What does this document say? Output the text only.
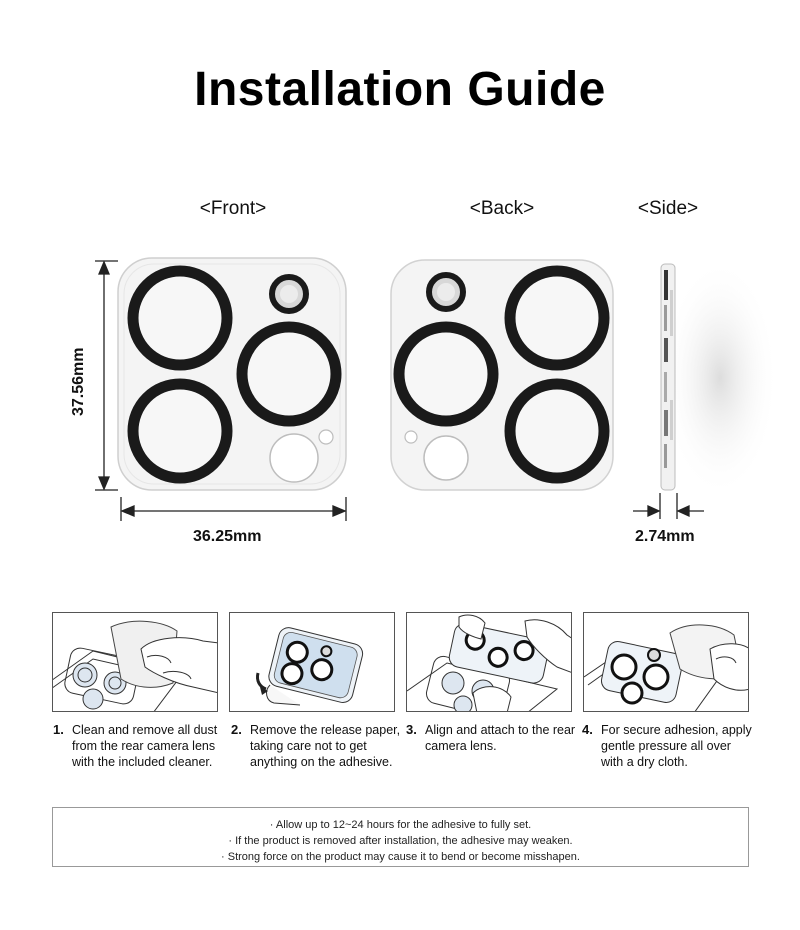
Installation Guide
<Front>	<Back>	<Side>
37.56mm
36.25mm	2.74mm
1. Clean and remove all dust from the rear camera lens with the included cleaner.
2. Remove the release paper, taking care not to get anything on the adhesive.
3. Align and attach to the rear camera lens.
4. For secure adhesion, apply gentle pressure all over with a dry cloth.
· Allow up to 12~24 hours for the adhesive to fully set.
· If the product is removed after installation, the adhesive may weaken.
· Strong force on the product may cause it to bend or become misshapen.
